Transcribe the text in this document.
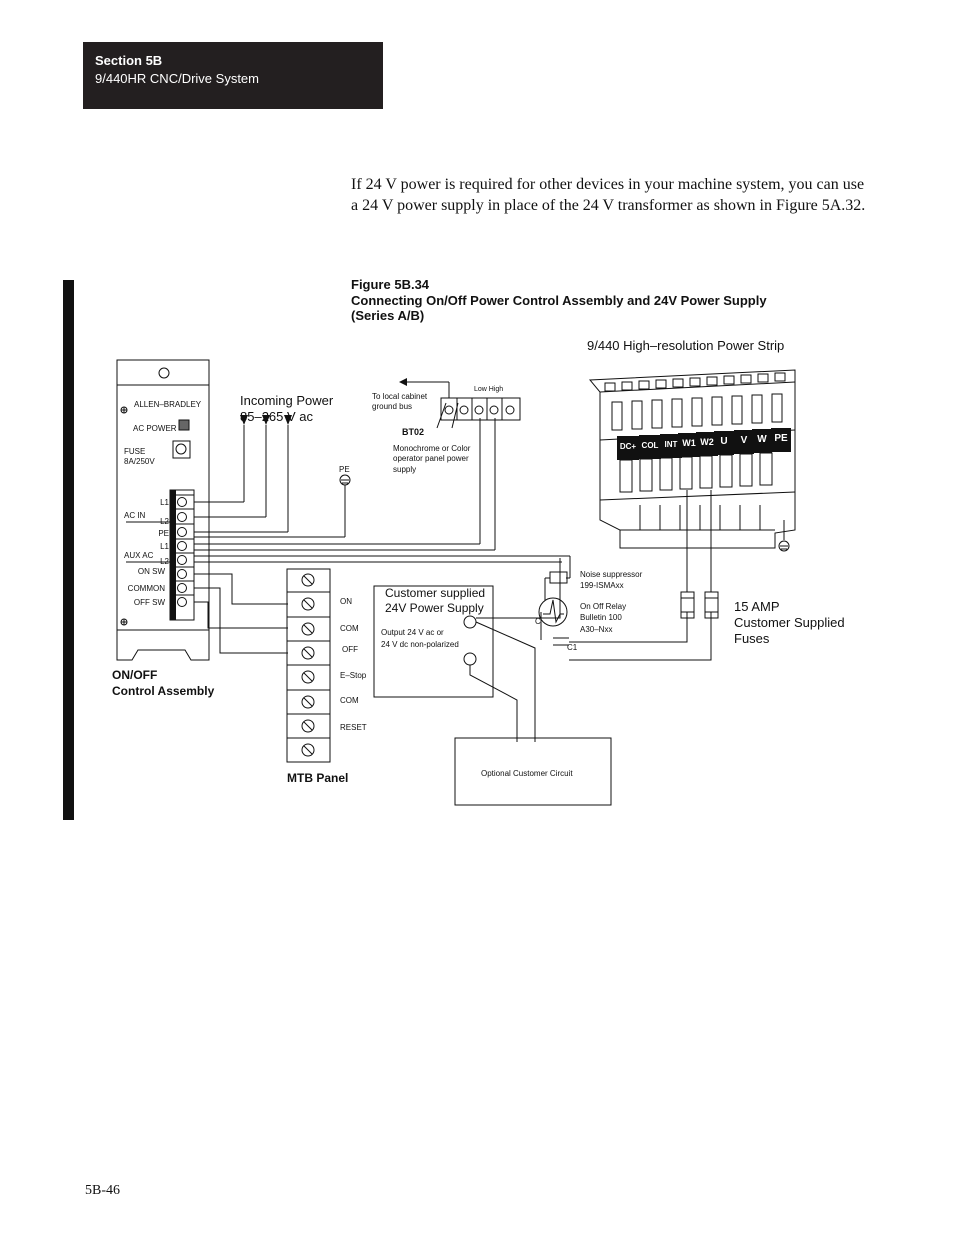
Section 5B
9/440HR CNC/Drive System

If 24 V power is required for other devices in your machine system, you can use a 24 V power supply in place of the 24 V transformer as shown in Figure 5A.32.

Figure 5B.34
Connecting On/Off Power Control Assembly and 24V Power Supply (Series A/B)
9/440 High–resolution Power Strip
Incoming Power
85–265 V ac
15 AMP
Customer Supplied
Fuses
Customer supplied
24V Power Supply
ON/OFF
Control Assembly
MTB Panel
BT02
DC+ COL INT W1 W2 U V W PE
To local cabinet
ground bus
Low High
Monochrome or Color
operator panel power
supply
PE
ALLEN–BRADLEY
AC POWER
FUSE
8A/250V
AC IN
AUX AC
ON
COM
OFF
E–Stop
COM
RESET
Output 24 V ac or
24 V dc non-polarized
Noise suppressor
199-ISMAxx
On Off Relay
Bulletin 100
A30–Nxx
C
C1
Optional Customer Circuit
L1
L2
PE
L1
L2
ON SW
COMMON
OFF SW
5B-46
